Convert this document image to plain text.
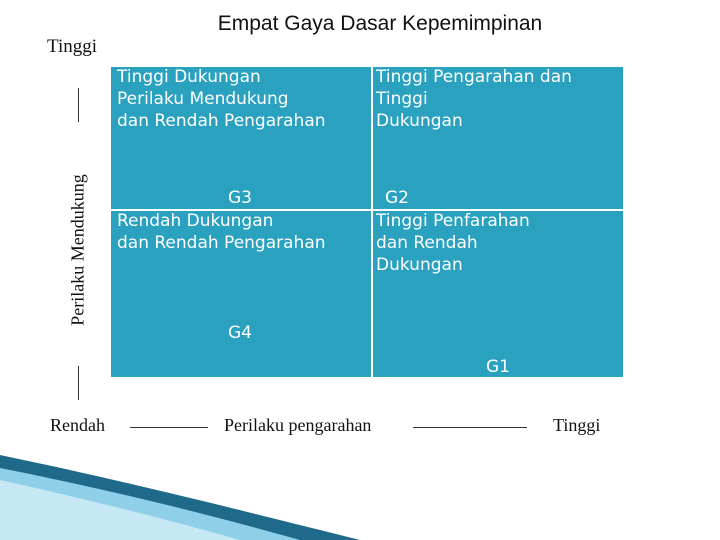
Empat Gaya Dasar Kepemimpinan
Tinggi
Perilaku Mendukung
Tinggi Dukungan
Perilaku Mendukung
dan Rendah Pengarahan
Tinggi Pengarahan dan
Tinggi
Dukungan
G3	G2
Rendah Dukungan
dan Rendah Pengarahan
Tinggi Penfarahan
dan Rendah
Dukungan
G4
G1
Rendah	Perilaku pengarahan	Tinggi
